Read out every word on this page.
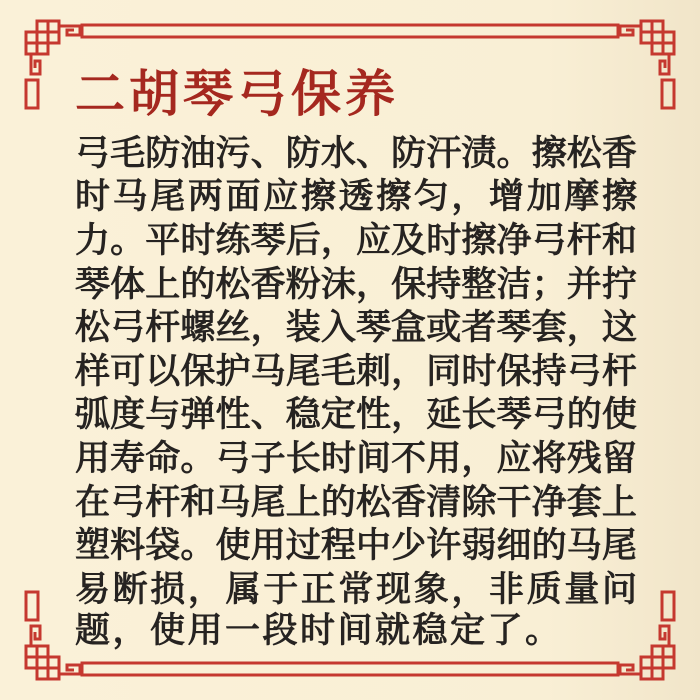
二胡琴弓保养
弓 毛 防 油 污 、 防 水 、 防 汗 渍 。 擦 松 香
时 马 尾 两 面 应 擦 透 擦 匀 ， 增 加 摩 擦
力 。 平 时 练 琴 后 ， 应 及 时 擦 净 弓 杆 和
琴 体 上 的 松 香 粉 沫 ， 保 持 整 洁 ； 并 拧
松 弓 杆 螺 丝 ， 装 入 琴 盒 或 者 琴 套 ， 这
样 可 以 保 护 马 尾 毛 刺 ， 同 时 保 持 弓 杆
弧 度 与 弹 性 、 稳 定 性 ， 延 长 琴 弓 的 使
用 寿 命 。 弓 子 长 时 间 不 用 ， 应 将 残 留
在 弓 杆 和 马 尾 上 的 松 香 清 除 干 净 套 上
塑 料 袋 。 使 用 过 程 中 少 许 弱 细 的 马 尾
易 断 损 ， 属 于 正 常 现 象 ， 非 质 量 问
题，使用一段时间就稳定了。
